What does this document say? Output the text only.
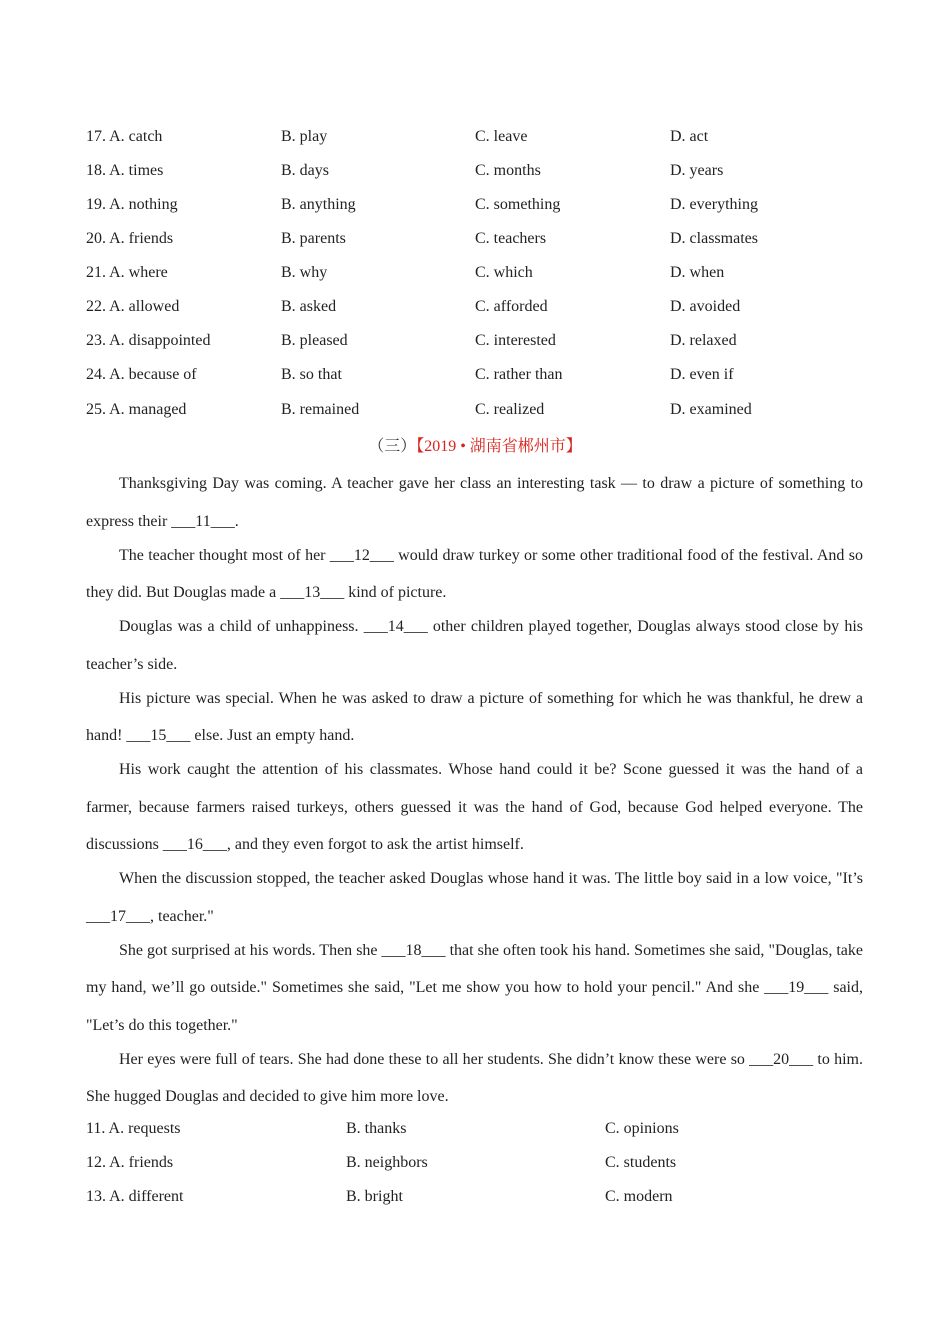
17. A. catch	B. play	C. leave	D. act
18. A. times	B. days	C. months	D. years
19. A. nothing	B. anything	C. something	D. everything
20. A. friends	B. parents	C. teachers	D. classmates
21. A. where	B. why	C. which	D. when
22. A. allowed	B. asked	C. afforded	D. avoided
23. A. disappointed	B. pleased	C. interested	D. relaxed
24. A. because of	B. so that	C. rather than	D. even if
25. A. managed	B. remained	C. realized	D. examined
（三）【2019 • 湖南省郴州市】

Thanksgiving Day was coming. A teacher gave her class an interesting task — to draw a picture of something to express their ___11___.

The teacher thought most of her ___12___ would draw turkey or some other traditional food of the festival. And so they did. But Douglas made a ___13___ kind of picture.

Douglas was a child of unhappiness. ___14___ other children played together, Douglas always stood close by his teacher’s side.

His picture was special. When he was asked to draw a picture of something for which he was thankful, he drew a hand! ___15___ else. Just an empty hand.

His work caught the attention of his classmates. Whose hand could it be? Scone guessed it was the hand of a farmer, because farmers raised turkeys, others guessed it was the hand of God, because God helped everyone. The discussions ___16___, and they even forgot to ask the artist himself.

When the discussion stopped, the teacher asked Douglas whose hand it was. The little boy said in a low voice, "It’s ___17___, teacher."

She got surprised at his words. Then she ___18___ that she often took his hand. Sometimes she said, "Douglas, take my hand, we’ll go outside." Sometimes she said, "Let me show you how to hold your pencil." And she ___19___ said, "Let’s do this together."

Her eyes were full of tears. She had done these to all her students. She didn’t know these were so ___20___ to him. She hugged Douglas and decided to give him more love.

11. A. requests	B. thanks	C. opinions
12. A. friends	B. neighbors	C. students
13. A. different	B. bright	C. modern
